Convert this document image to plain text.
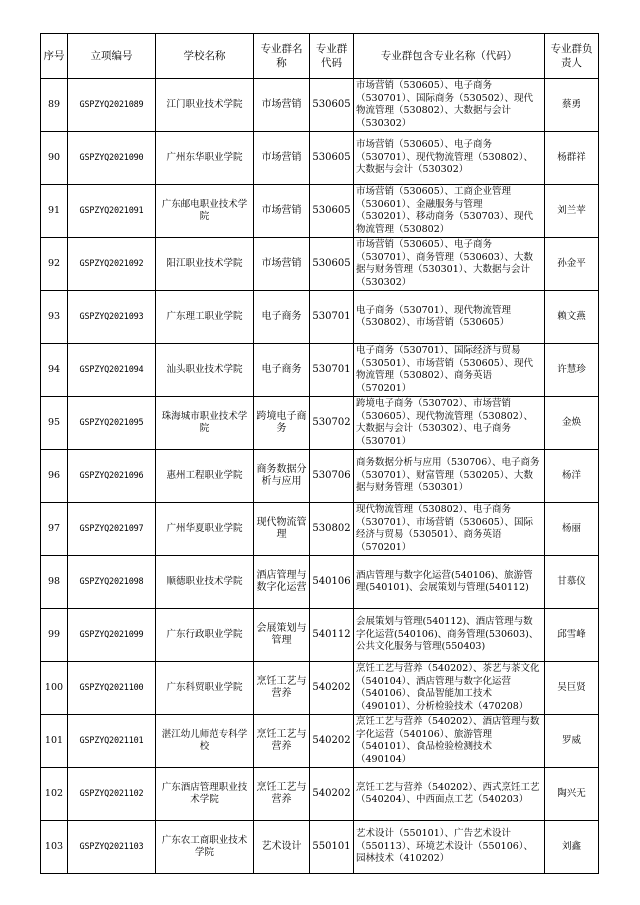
序号	立项编号	学校名称	专业群名称	专业群代码	专业群包含专业名称（代码）	专业群负责人
89	GSPZYQ2021089	江门职业技术学院	市场营销	530605	市场营销（530605）、电子商务（530701）、国际商务（530502）、现代物流管理（530802）、大数据与会计（530302）	蔡勇
90	GSPZYQ2021090	广州东华职业学院	市场营销	530605	市场营销（530605）、电子商务（530701）、现代物流管理（530802）、大数据与会计（530302）	杨群祥
91	GSPZYQ2021091	广东邮电职业技术学院	市场营销	530605	市场营销（530605）、工商企业管理（530601）、金融服务与管理（530201）、移动商务（530703）、现代物流管理（530802）	刘兰苹
92	GSPZYQ2021092	阳江职业技术学院	市场营销	530605	市场营销（530605）、电子商务（530701）、商务管理（530603）、大数据与财务管理（530301）、大数据与会计（530302）	孙金平
93	GSPZYQ2021093	广东理工职业学院	电子商务	530701	电子商务（530701）、现代物流管理（530802）、市场营销（530605）	赖文燕
94	GSPZYQ2021094	汕头职业技术学院	电子商务	530701	电子商务（530701）、国际经济与贸易（530501）、市场营销（530605）、现代物流管理（530802）、商务英语（570201）	许慧珍
95	GSPZYQ2021095	珠海城市职业技术学院	跨境电子商务	530702	跨境电子商务（530702）、市场营销（530605）、现代物流管理（530802）、大数据与会计（530302）、电子商务（530701）	金焕
96	GSPZYQ2021096	惠州工程职业学院	商务数据分析与应用	530706	商务数据分析与应用（530706）、电子商务（530701）、财富管理（530205）、大数据与财务管理（530301）	杨洋
97	GSPZYQ2021097	广州华夏职业学院	现代物流管理	530802	现代物流管理（530802）、电子商务（530701）、市场营销（530605）、国际经济与贸易（530501）、商务英语（570201）	杨丽
98	GSPZYQ2021098	顺德职业技术学院	酒店管理与数字化运营	540106	酒店管理与数字化运营(540106)、旅游管理(540101)、会展策划与管理(540112)	甘慕仪
99	GSPZYQ2021099	广东行政职业学院	会展策划与管理	540112	会展策划与管理(540112)、酒店管理与数字化运营(540106)、商务管理(530603)、公共文化服务与管理(550403)	邱雪峰
100	GSPZYQ2021100	广东科贸职业学院	烹饪工艺与营养	540202	烹饪工艺与营养（540202）、茶艺与茶文化（540104）、酒店管理与数字化运营（540106）、食品智能加工技术（490101）、分析检验技术（470208）	吴巨贤
101	GSPZYQ2021101	湛江幼儿师范专科学校	烹饪工艺与营养	540202	烹饪工艺与营养（540202）、酒店管理与数字化运营（540106）、旅游管理（540101）、食品检验检测技术（490104）	罗威
102	GSPZYQ2021102	广东酒店管理职业技术学院	烹饪工艺与营养	540202	烹饪工艺与营养（540202）、西式烹饪工艺（540204）、中西面点工艺（540203）	陶兴无
103	GSPZYQ2021103	广东农工商职业技术学院	艺术设计	550101	艺术设计（550101）、广告艺术设计（550113）、环境艺术设计（550106）、园林技术（410202）	刘鑫
